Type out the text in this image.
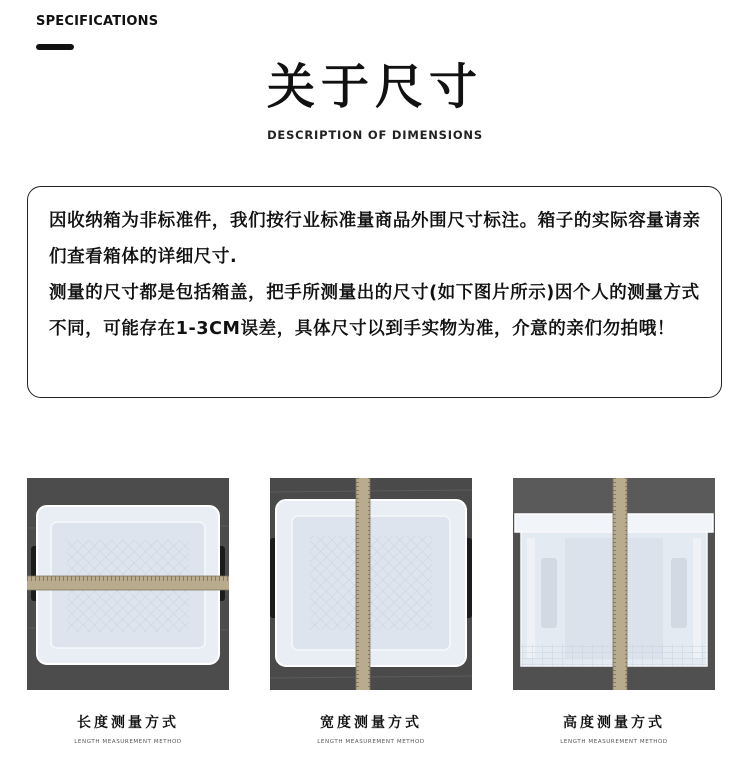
SPECIFICATIONS
关于尺寸
DESCRIPTION OF DIMENSIONS

因收纳箱为非标准件，我们按行业标准量商品外围尺寸标注。箱子的实际容量请亲们查看箱体的详细尺寸.

测量的尺寸都是包括箱盖，把手所测量出的尺寸(如下图片所示)因个人的测量方式不同，可能存在1-3CM误差，具体尺寸以到手实物为准，介意的亲们勿拍哦！

长度测量方式
LENGTH MEASUREMENT METHOD
宽度测量方式
LENGTH MEASUREMENT METHOD
高度测量方式
LENGTH MEASUREMENT METHOD
